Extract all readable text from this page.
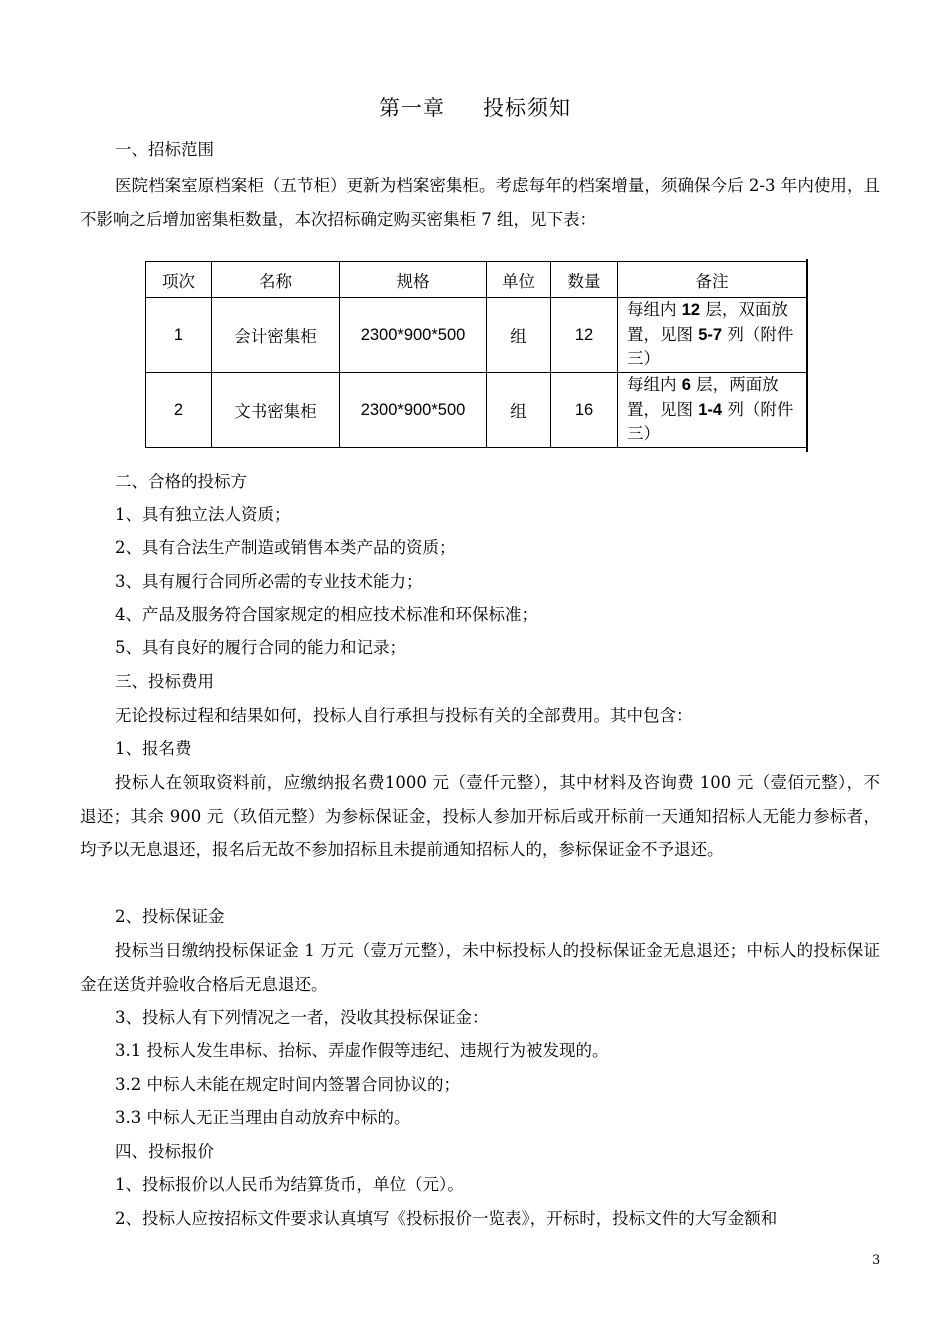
第一章 投标须知
一、招标范围
医院档案室原档案柜（五节柜）更新为档案密集柜。考虑每年的档案增量，须确保今后 2-3 年内使用，且不影响之后增加密集柜数量，本次招标确定购买密集柜 7 组，见下表：
项次	名称	规格	单位	数量	备注
1	会计密集柜	2300*900*500	组	12	每组内 12 层，双面放置，见图 5-7 列（附件三）
2	文书密集柜	2300*900*500	组	16	每组内 6 层，两面放置，见图 1-4 列（附件三）
二、合格的投标方
1、具有独立法人资质；
2、具有合法生产制造或销售本类产品的资质；
3、具有履行合同所必需的专业技术能力；
4、产品及服务符合国家规定的相应技术标准和环保标准；
5、具有良好的履行合同的能力和记录；
三、投标费用
无论投标过程和结果如何，投标人自行承担与投标有关的全部费用。其中包含：
1、报名费
投标人在领取资料前，应缴纳报名费1000 元（壹仟元整），其中材料及咨询费 100 元（壹佰元整），不退还；其余 900 元（玖佰元整）为参标保证金，投标人参加开标后或开标前一天通知招标人无能力参标者，均予以无息退还，报名后无故不参加招标且未提前通知招标人的，参标保证金不予退还。
2、投标保证金
投标当日缴纳投标保证金 1 万元（壹万元整），未中标投标人的投标保证金无息退还；中标人的投标保证金在送货并验收合格后无息退还。
3、投标人有下列情况之一者，没收其投标保证金：
3.1 投标人发生串标、抬标、弄虚作假等违纪、违规行为被发现的。
3.2 中标人未能在规定时间内签署合同协议的；
3.3 中标人无正当理由自动放弃中标的。
四、投标报价
1、投标报价以人民币为结算货币，单位（元）。
2、投标人应按招标文件要求认真填写《投标报价一览表》，开标时，投标文件的大写金额和
3
